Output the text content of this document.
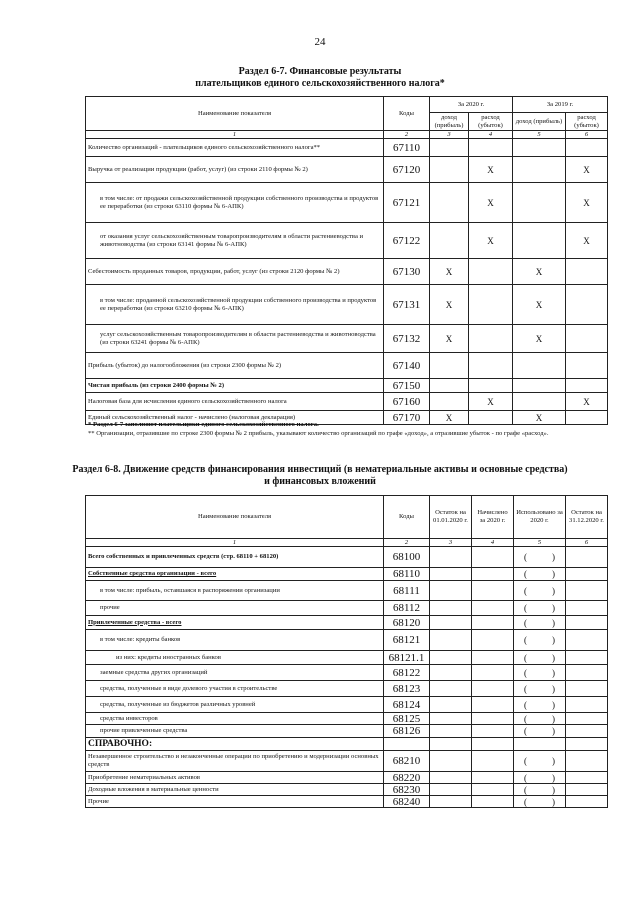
24
Раздел 6-7. Финансовые результаты
плательщиков единого сельскохозяйственного налога*
Наименование показателя	Коды	За 2020 г.		За 2019 г.	
		доход (прибыль)	расход (убыток)	доход (прибыль)	расход (убыток)
1	2	3	4	5	6
Количество организаций - плательщиков единого сельскохозяйственного налога**	67110				
Выручка от реализации продукции (работ, услуг) (из строки 2110 формы № 2)	67120		X		X
в том числе: от продажи сельскохозяйственной продукции собственного производства и продуктов ее переработки (из строки 63110 формы № 6-АПК)	67121		X		X
от оказания услуг сельскохозяйственным товаропроизводителям в области растениеводства и животноводства (из строки 63141 формы № 6-АПК)	67122		X		X
Себестоимость проданных товаров, продукции, работ, услуг (из строки 2120 формы № 2)	67130	X		X	
в том числе: проданной сельскохозяйственной продукции собственного производства и продуктов ее переработки (из строки 63210 формы № 6-АПК)	67131	X		X	
услуг сельскохозяйственным товаропроизводителям в области растениеводства и животноводства (из строки 63241 формы № 6-АПК)	67132	X		X	
Прибыль (убыток) до налогообложения (из строки 2300 формы № 2)	67140				
Чистая прибыль (из строки 2400 формы № 2)	67150				
Налоговая база для исчисления единого сельскохозяйственного налога	67160		X		X
Единый сельскохозяйственный налог - начислено (налоговая декларация)	67170	X		X	
* Раздел 6-7 заполняют плательщики единого сельскохозяйственного налога.
** Организации, отразившие по строке 2300 формы № 2 прибыль, указывают количество организаций по графе «доход», а отразившие убыток - по графе «расход».
Раздел 6-8. Движение средств финансирования инвестиций (в нематериальные активы и основные средства)
и финансовых вложений
Наименование показателя	Коды	Остаток на 01.01.2020 г.	Начислено за 2020 г.	Использовано за 2020 г.	Остаток на 31.12.2020 г.
1	2	3	4	5	6
Всего собственных и привлеченных средств (стр. 68110 + 68120)	68100			( )	

Собственные средства организации - всего	68110			( )	

в том числе: прибыль, оставшаяся в распоряжении организации	68111			( )	

прочие	68112			( )	

Привлеченные средства - всего	68120			( )	

в том числе: кредиты банков	68121			( )	

из них: кредиты иностранных банков	68121.1			( )	

заемные средства других организаций	68122			( )	

средства, полученные в виде долевого участия в строительстве	68123			( )	

средства, полученные из бюджетов различных уровней	68124			( )	

средства инвесторов	68125			( )	

прочие привлеченные средства	68126			( )	

СПРАВОЧНО:					
Незавершенное строительство и незаконченные операции по приобретению и модернизации основных средств	68210			( )	

Приобретение нематериальных активов	68220			( )	

Доходные вложения в материальные ценности	68230			( )	

Прочие	68240			( )	
